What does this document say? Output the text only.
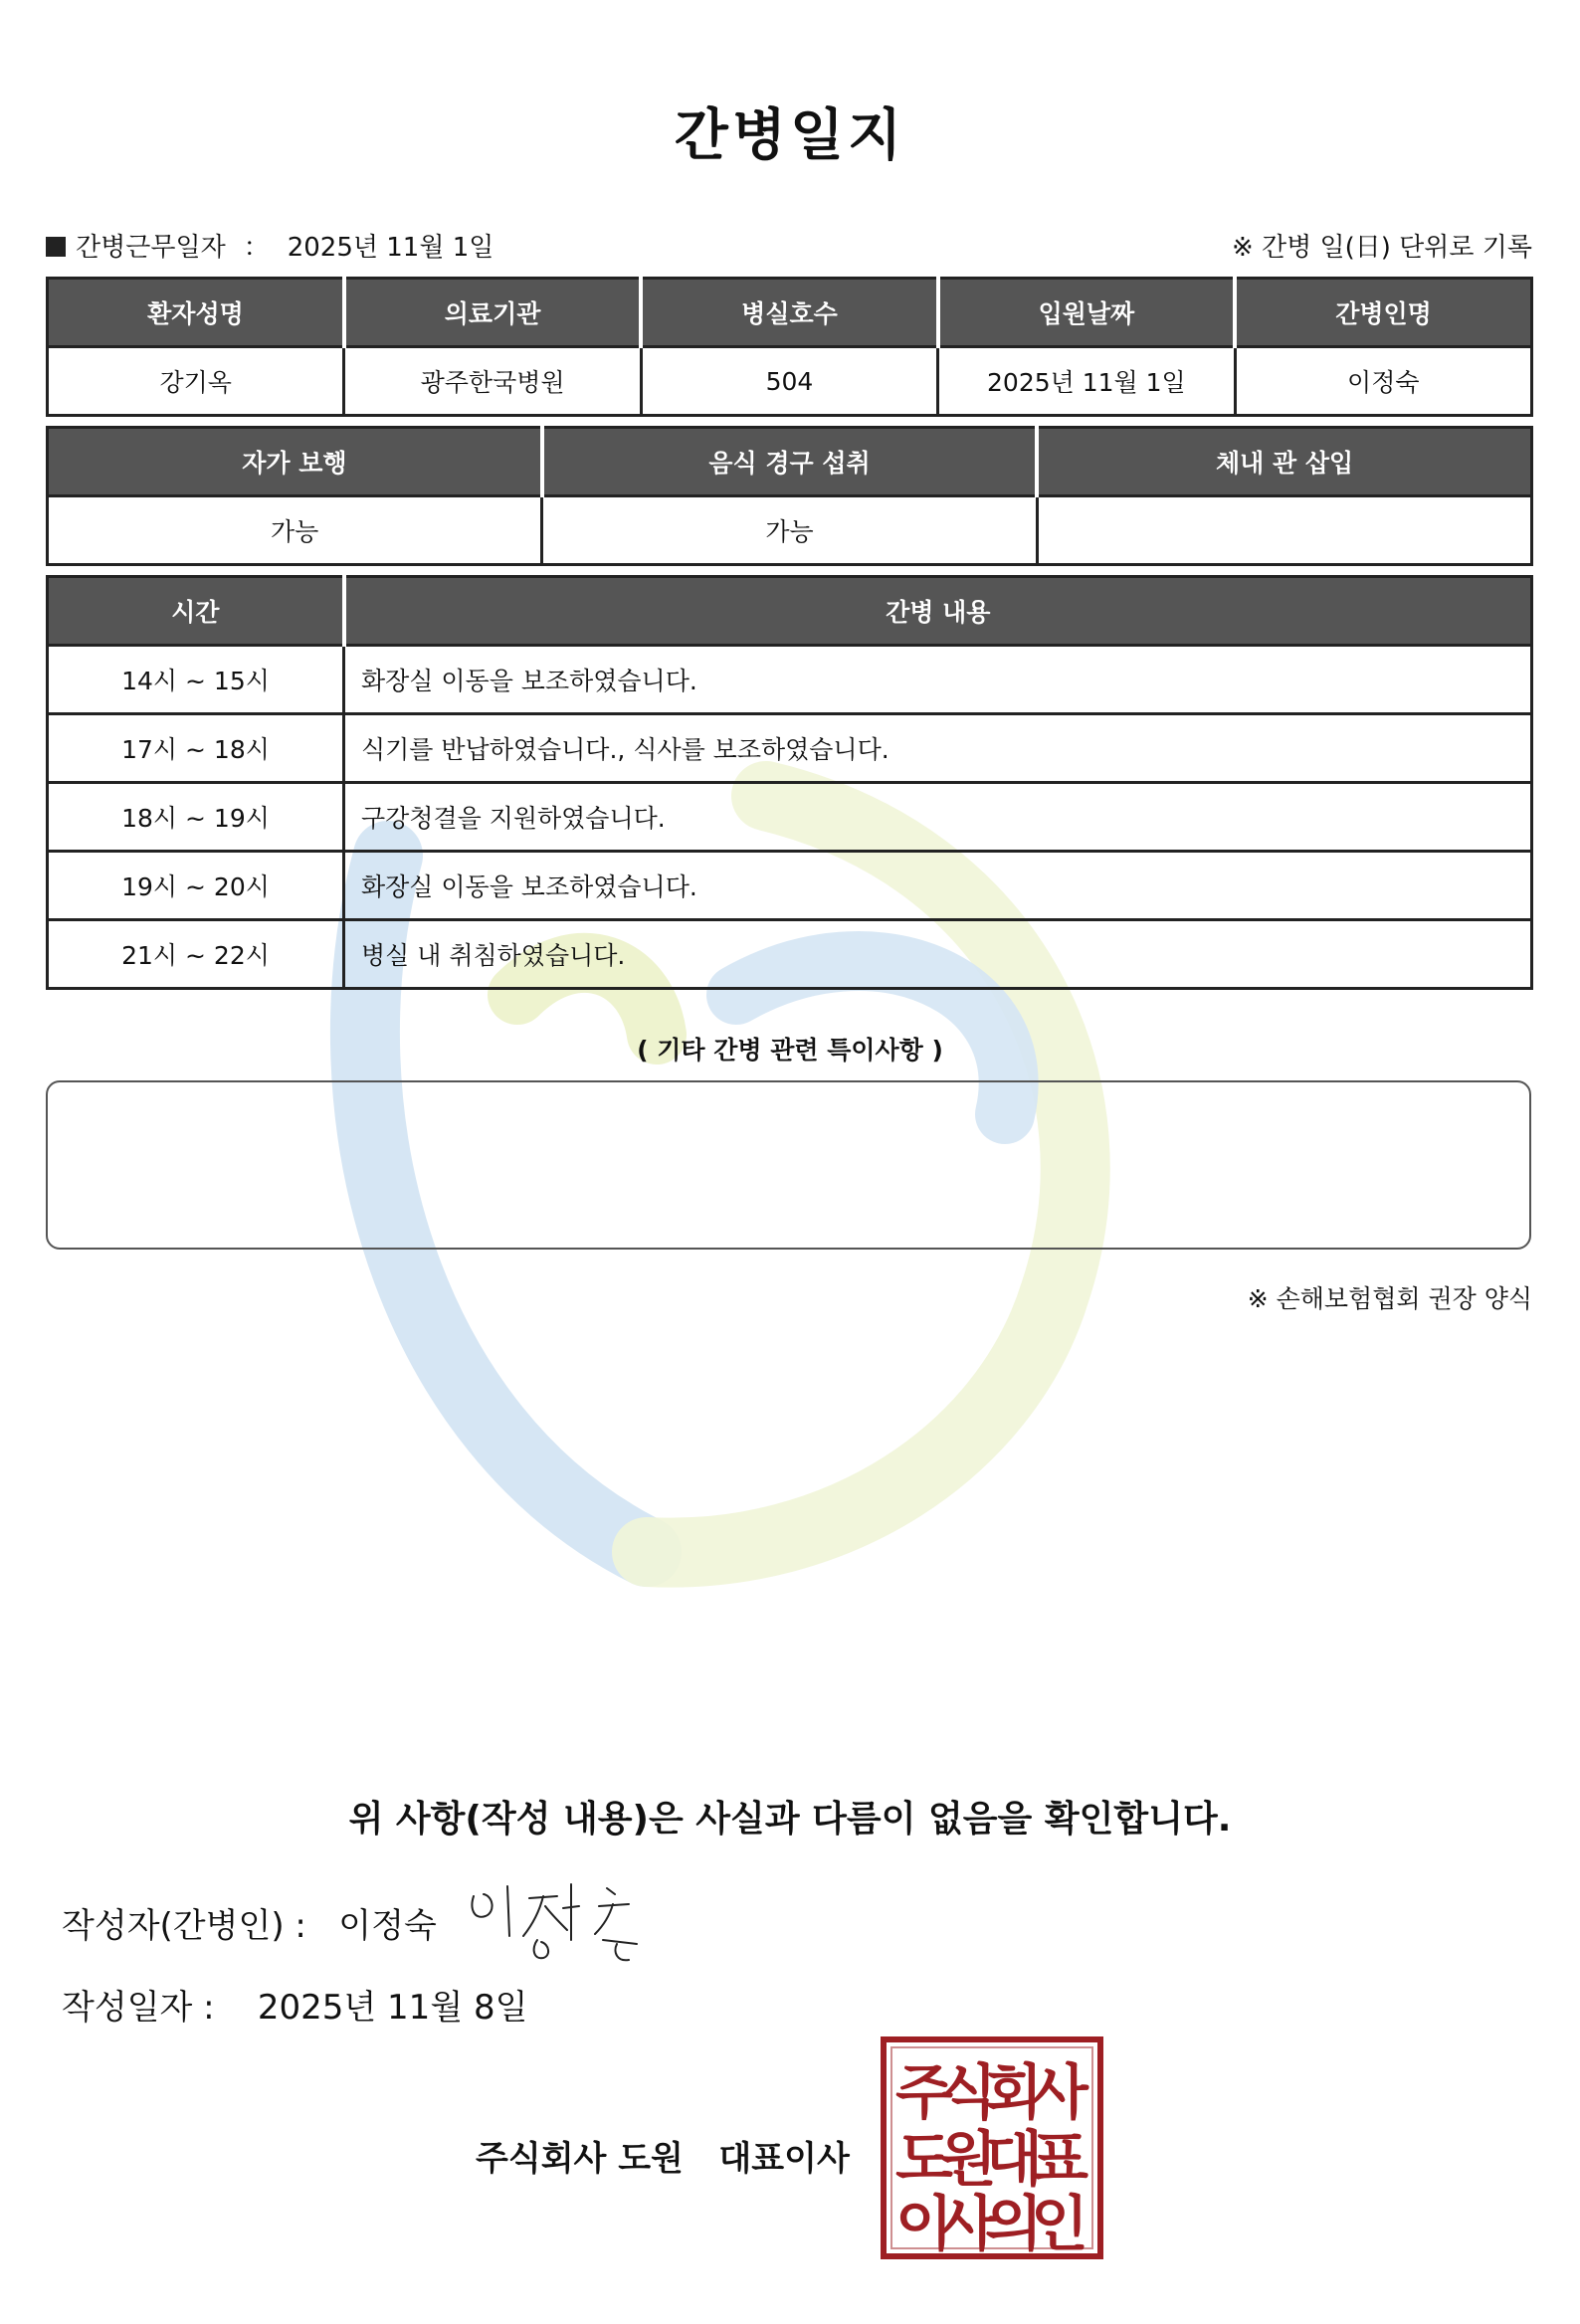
간병일지
간병근무일자 ： 2025년 11월 1일	※ 간병 일(日) 단위로 기록
환자성명	의료기관	병실호수	입원날짜	간병인명
강기옥	광주한국병원	504	2025년 11월 1일	이정숙
자가 보행	음식 경구 섭취	체내 관 삽입
가능	가능	
시간	간병 내용
14시 ~ 15시	화장실 이동을 보조하였습니다.
17시 ~ 18시	식기를 반납하였습니다., 식사를 보조하였습니다.
18시 ~ 19시	구강청결을 지원하였습니다.
19시 ~ 20시	화장실 이동을 보조하였습니다.
21시 ~ 22시	병실 내 취침하였습니다.
( 기타 간병 관련 특이사항 )
※ 손해보험협회 권장 양식
위 사항(작성 내용)은 사실과 다름이 없음을 확인합니다.
작성자(간병인) : 이정숙
작성일자 : 2025년 11월 8일
주식회사 도원   대표이사
주
식
회
사
도
원
대
표
이
사
의
인
